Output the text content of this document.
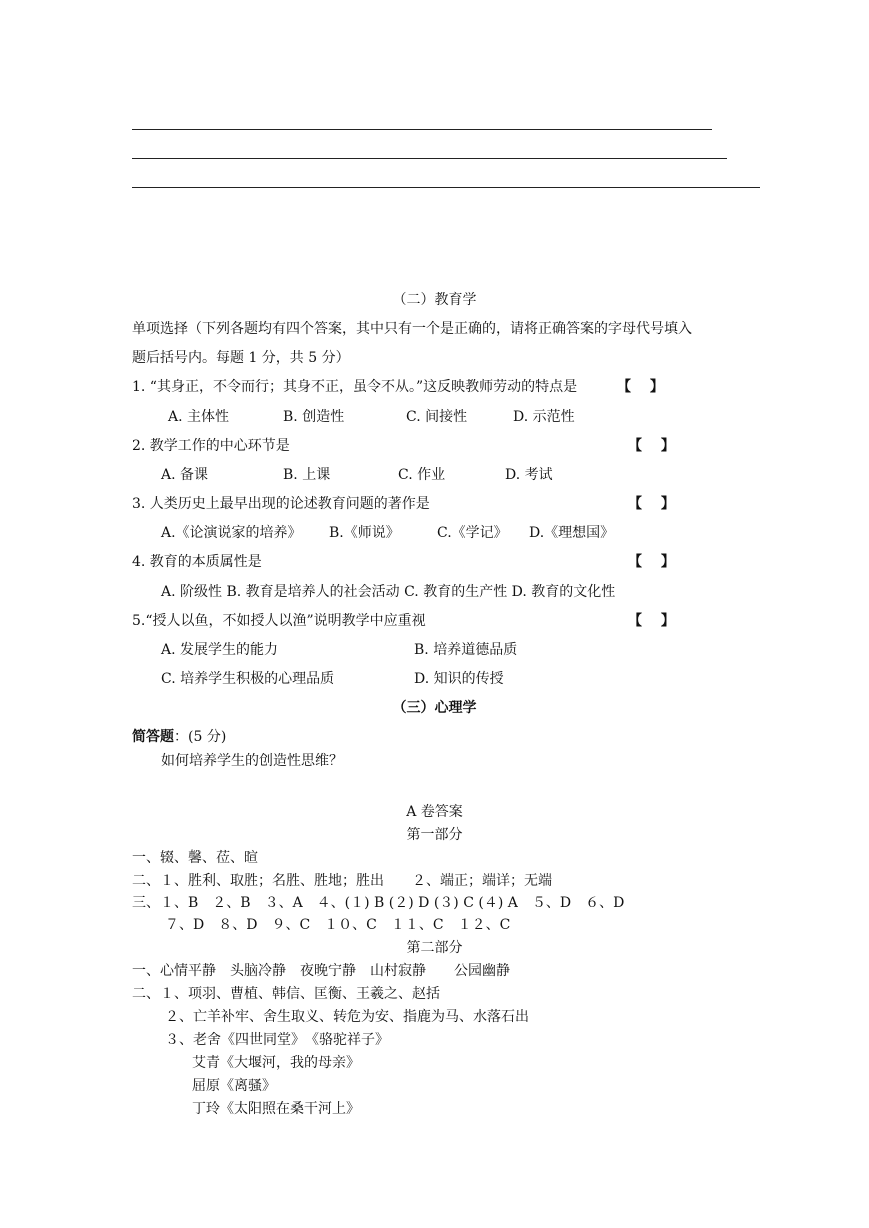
（二）教育学
单项选择（下列各题均有四个答案，其中只有一个是正确的，请将正确答案的字母代号填入
题后括号内。每题 1 分，共 5 分）
1. “其身正，不令而行；其身不正，虽令不从。”这反映教师劳动的特点是	【　 】
A. 主体性	B. 创造性	C. 间接性	D. 示范性
2. 教学工作的中心环节是	【　 】
A. 备课	B. 上课	C. 作业	D. 考试
3. 人类历史上最早出现的论述教育问题的著作是	【　 】
A.《论演说家的培养》 B.《师说》	C.《学记》 D.《理想国》
4. 教育的本质属性是	【　 】
A. 阶级性 B. 教育是培养人的社会活动 C. 教育的生产性 D. 教育的文化性
5.“授人以鱼，不如授人以渔”说明教学中应重视	【　 】
A. 发展学生的能力	B. 培养道德品质
C. 培养学生积极的心理品质	D. 知识的传授
（三）心理学
简答题：(5 分)
如何培养学生的创造性思维？
A 卷答案
第一部分
一、辍、馨、莅、暄
二、１、胜利、取胜；名胜、胜地；胜出　　２、端正；端详；无端
三、１、B　２、B　３、A　４、(１) B (２) D (３) C (４) A　５、D　６、D
７、D　８、D　９、C　１０、C　１１、C　１２、C
第二部分
一、心情平静　头脑冷静　夜晚宁静　山村寂静　　公园幽静
二、１、项羽、曹植、韩信、匡衡、王羲之、赵括
２、亡羊补牢、舍生取义、转危为安、指鹿为马、水落石出
３、老舍《四世同堂》　《骆驼祥子》
艾青《大堰河，我的母亲》
屈原《离骚》
丁玲《太阳照在桑干河上》
